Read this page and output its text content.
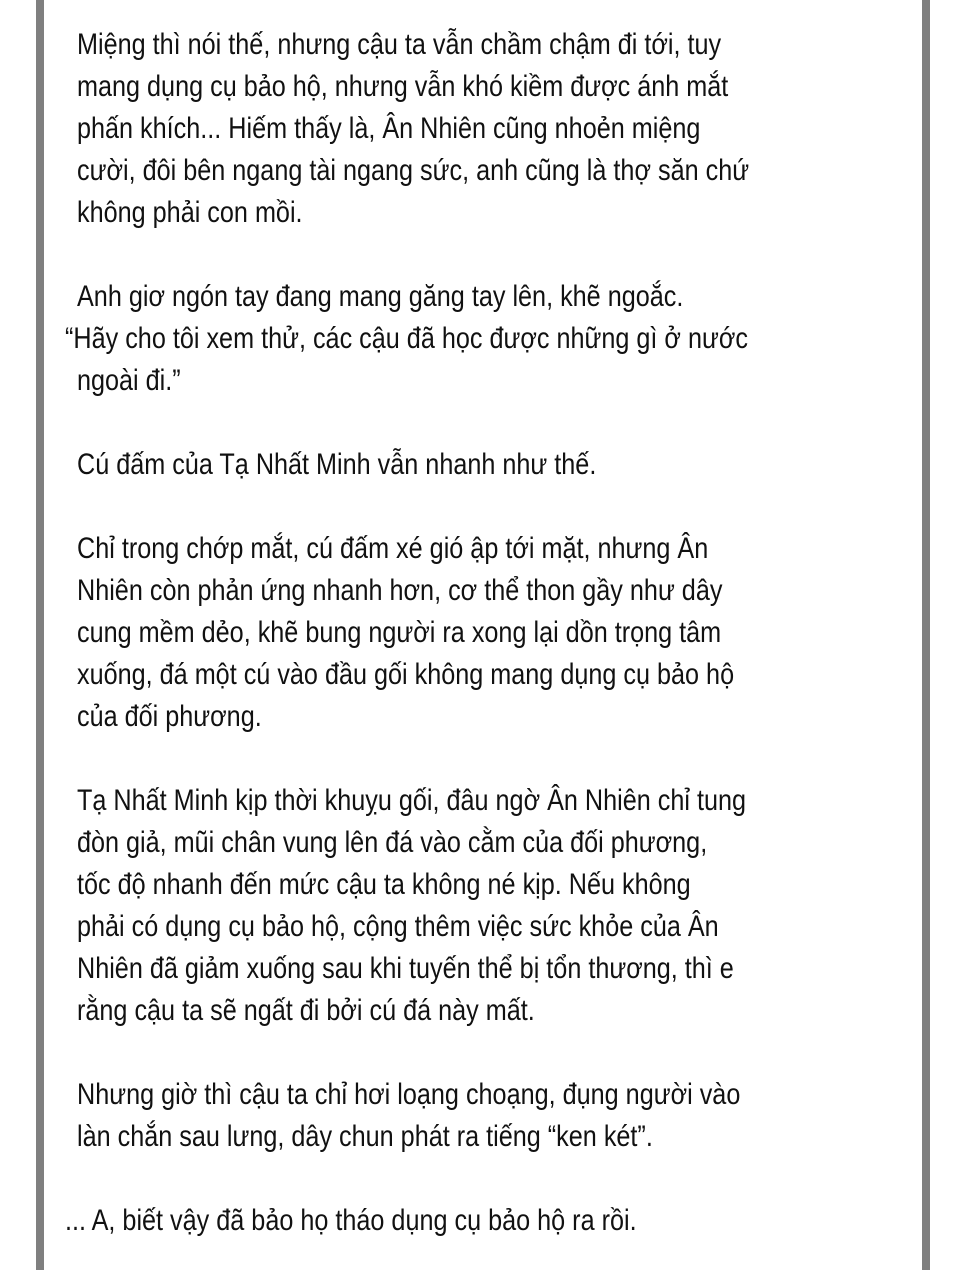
Miệng thì nói thế, nhưng cậu ta vẫn chầm chậm đi tới, tuy
mang dụng cụ bảo hộ, nhưng vẫn khó kiềm được ánh mắt
phấn khích... Hiếm thấy là, Ân Nhiên cũng nhoẻn miệng
cười, đôi bên ngang tài ngang sức, anh cũng là thợ săn chứ
không phải con mồi.
Anh giơ ngón tay đang mang găng tay lên, khẽ ngoắc.
“Hãy cho tôi xem thử, các cậu đã học được những gì ở nước
ngoài đi.”
Cú đấm của Tạ Nhất Minh vẫn nhanh như thế.
Chỉ trong chớp mắt, cú đấm xé gió ập tới mặt, nhưng Ân
Nhiên còn phản ứng nhanh hơn, cơ thể thon gầy như dây
cung mềm dẻo, khẽ bung người ra xong lại dồn trọng tâm
xuống, đá một cú vào đầu gối không mang dụng cụ bảo hộ
của đối phương.
Tạ Nhất Minh kịp thời khuỵu gối, đâu ngờ Ân Nhiên chỉ tung
đòn giả, mũi chân vung lên đá vào cằm của đối phương,
tốc độ nhanh đến mức cậu ta không né kịp. Nếu không
phải có dụng cụ bảo hộ, cộng thêm việc sức khỏe của Ân
Nhiên đã giảm xuống sau khi tuyến thể bị tổn thương, thì e
rằng cậu ta sẽ ngất đi bởi cú đá này mất.
Nhưng giờ thì cậu ta chỉ hơi loạng choạng, đụng người vào
làn chắn sau lưng, dây chun phát ra tiếng “ken két”.
... A, biết vậy đã bảo họ tháo dụng cụ bảo hộ ra rồi.
